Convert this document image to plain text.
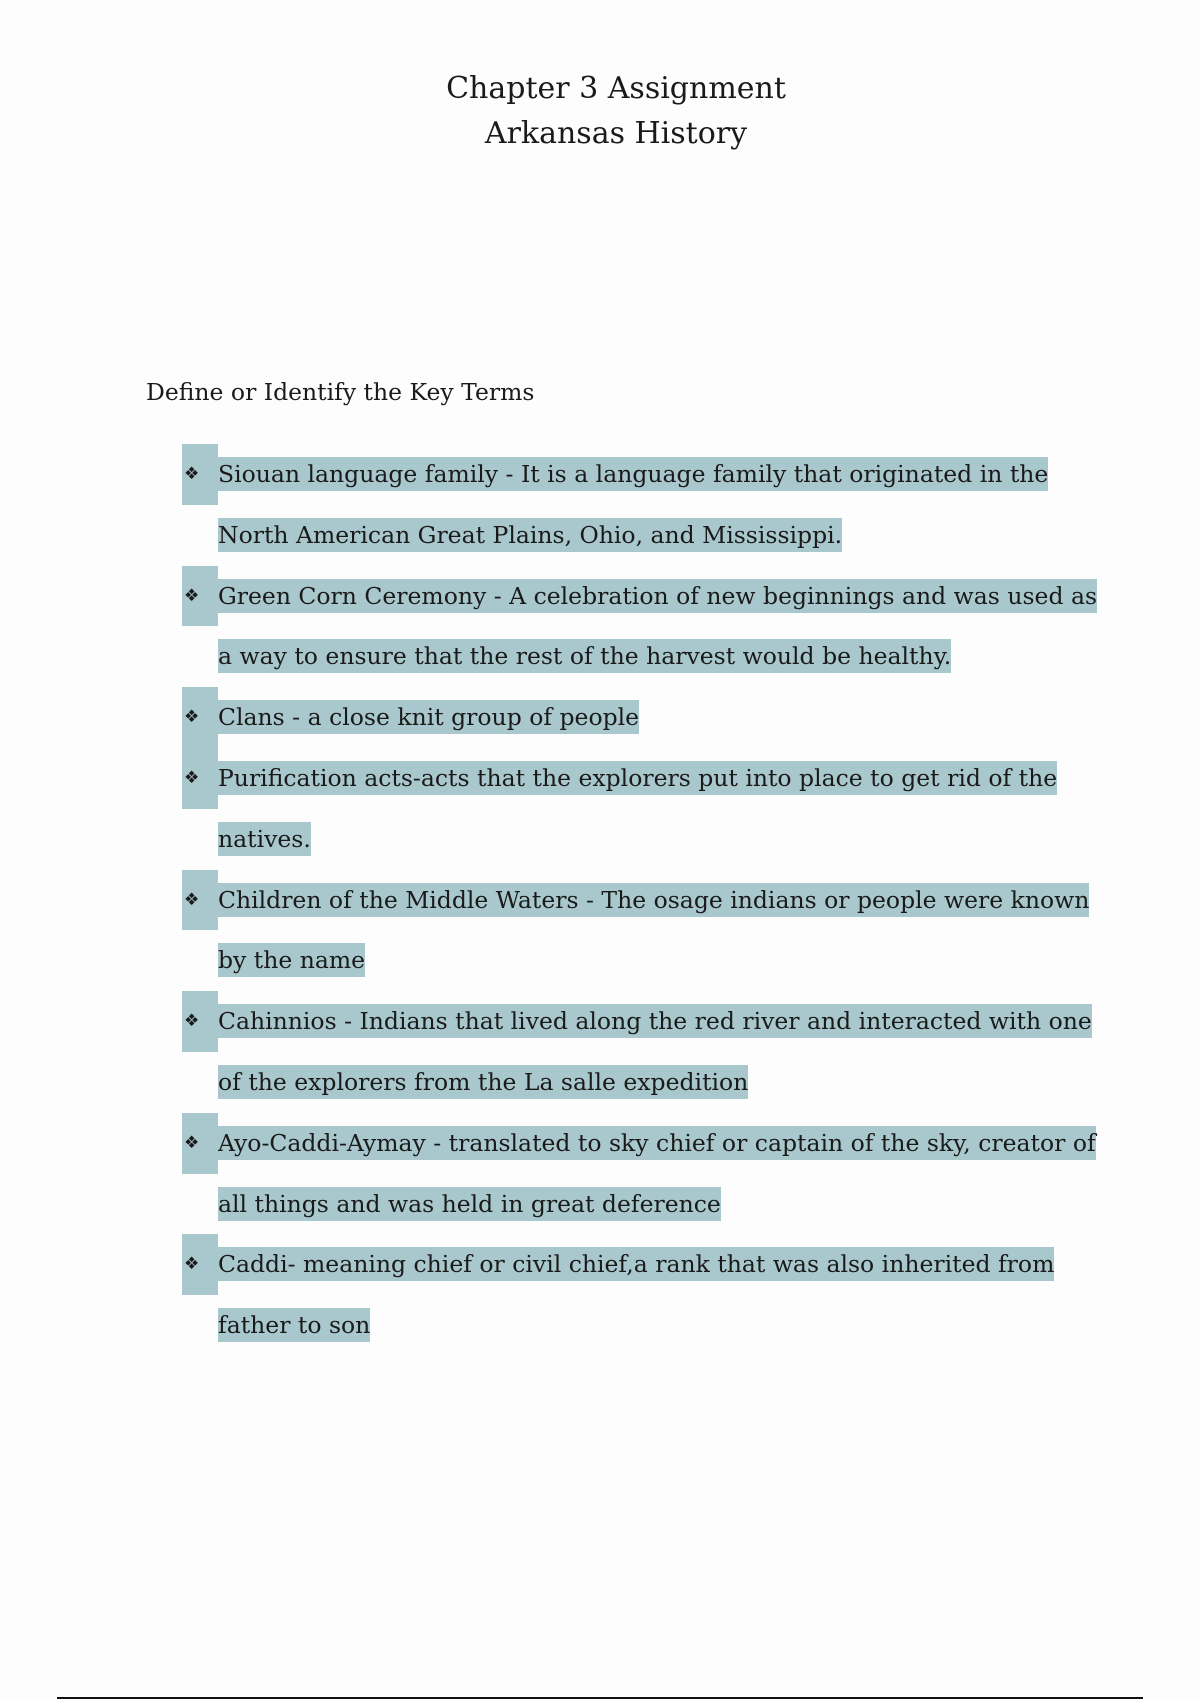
Chapter 3 Assignment
Arkansas History
Define or Identify the Key Terms
❖ Siouan language family - It is a language family that originated in the North American Great Plains, Ohio, and Mississippi.
❖ Green Corn Ceremony - A celebration of new beginnings and was used as a way to ensure that the rest of the harvest would be healthy.
❖ Clans - a close knit group of people
❖ Purification acts-acts that the explorers put into place to get rid of the natives.
❖ Children of the Middle Waters - The osage indians or people were known by the name
❖ Cahinnios - Indians that lived along the red river and interacted with one of the explorers from the La salle expedition
❖ Ayo-Caddi-Aymay - translated to sky chief or captain of the sky, creator of all things and was held in great deference
❖ Caddi- meaning chief or civil chief,a rank that was also inherited from father to son
